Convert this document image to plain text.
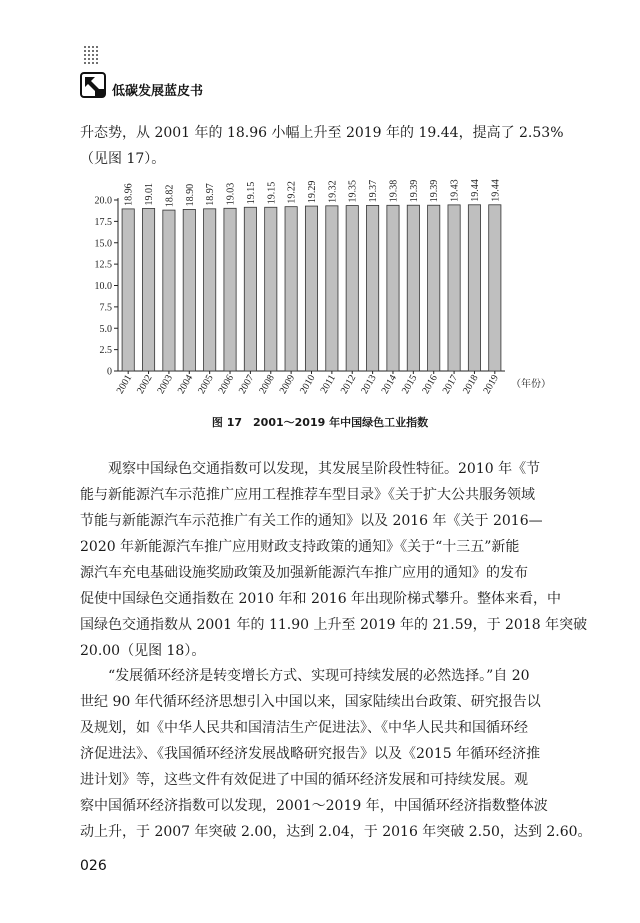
低碳发展蓝皮书
升态势，从 2001 年的 18.96 小幅上升至 2019 年的 19.44，提高了 2.53%
（见图 17）。
0
2.5
5.0
7.5
10.0
12.5
15.0
17.5
20.0 18.96
2001
19.01
2002
18.82
2003
18.90
2004
18.97
2005
19.03
2006
19.15
2007
19.15
2008
19.22
2009
19.29
2010
19.32
2011
19.35
2012
19.37
2013
19.38
2014
19.39
2015
19.39
2016
19.43
2017
19.44
2018
19.44
2019 （年份）
图 17　2001～2019 年中国绿色工业指数
观察中国绿色交通指数可以发现，其发展呈阶段性特征。2010 年《节
能与新能源汽车示范推广应用工程推荐车型目录》《关于扩大公共服务领域
节能与新能源汽车示范推广有关工作的通知》以及 2016 年《关于 2016—
2020 年新能源汽车推广应用财政支持政策的通知》《关于“十三五”新能
源汽车充电基础设施奖励政策及加强新能源汽车推广应用的通知》的发布
促使中国绿色交通指数在 2010 年和 2016 年出现阶梯式攀升。整体来看，中
国绿色交通指数从 2001 年的 11.90 上升至 2019 年的 21.59，于 2018 年突破
20.00（见图 18）。
“发展循环经济是转变增长方式、实现可持续发展的必然选择。”自 20
世纪 90 年代循环经济思想引入中国以来，国家陆续出台政策、研究报告以
及规划，如《中华人民共和国清洁生产促进法》、《中华人民共和国循环经
济促进法》、《我国循环经济发展战略研究报告》以及《2015 年循环经济推
进计划》等，这些文件有效促进了中国的循环经济发展和可持续发展。观
察中国循环经济指数可以发现，2001～2019 年，中国循环经济指数整体波
动上升，于 2007 年突破 2.00，达到 2.04，于 2016 年突破 2.50，达到 2.60。
026
